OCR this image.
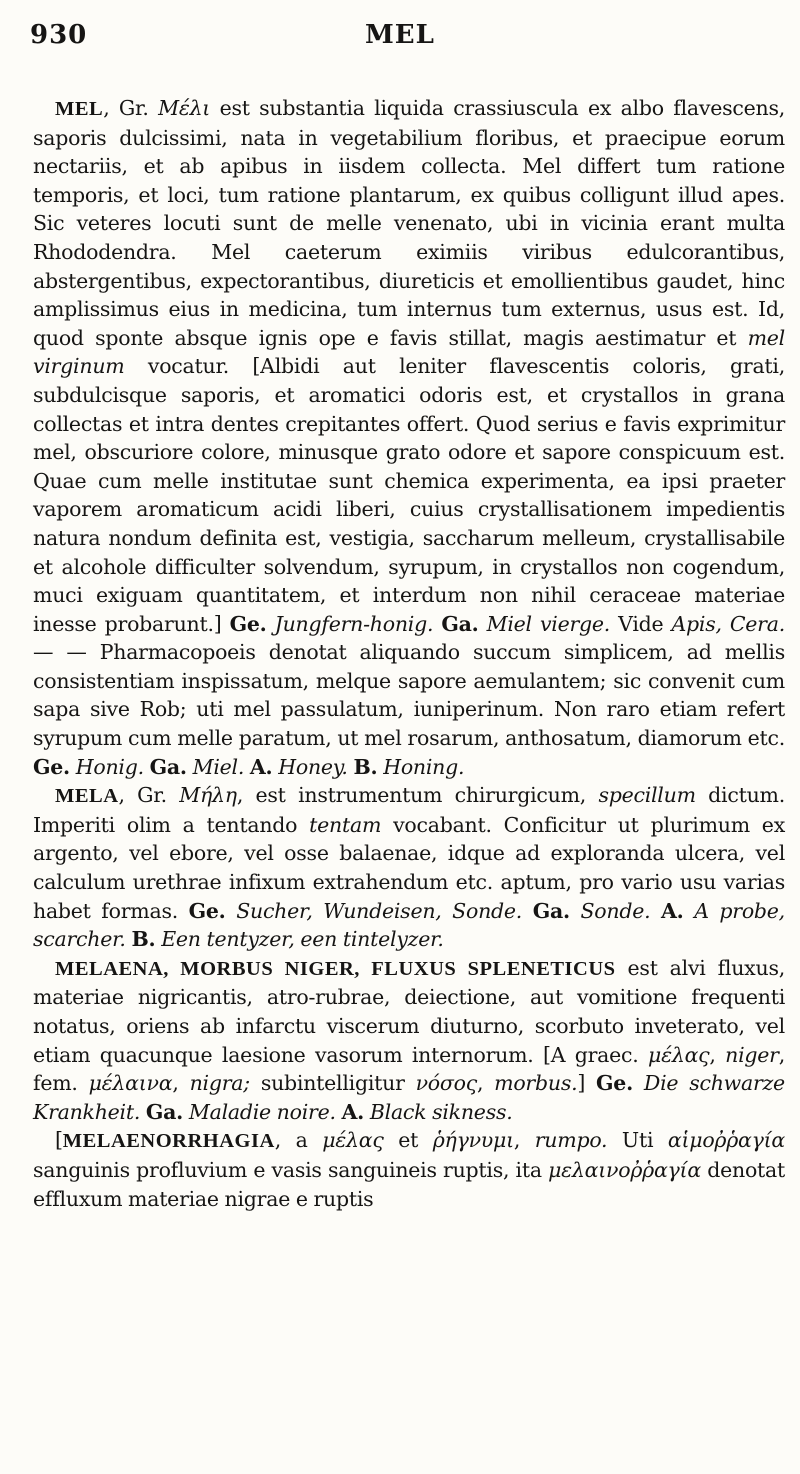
930	MEL

MEL, Gr. Μέλι est substantia liquida crassiuscula ex albo flavescens, saporis dulcissimi, nata in vegetabilium floribus, et praecipue eorum nectariis, et ab apibus in iisdem collecta. Mel differt tum ratione temporis, et loci, tum ratione plantarum, ex quibus colligunt illud apes. Sic veteres locuti sunt de melle venenato, ubi in vicinia erant multa Rhododendra. Mel caeterum eximiis viribus edulcorantibus, abstergentibus, expectorantibus, diureticis et emollientibus gaudet, hinc amplissimus eius in medicina, tum internus tum externus, usus est. Id, quod sponte absque ignis ope e favis stillat, magis aestimatur et mel virginum vocatur. [Albidi aut leniter flavescentis coloris, grati, subdulcisque saporis, et aromatici odoris est, et crystallos in grana collectas et intra dentes crepitantes offert. Quod serius e favis exprimitur mel, obscuriore colore, minusque grato odore et sapore conspicuum est. Quae cum melle institutae sunt chemica experimenta, ea ipsi praeter vaporem aromaticum acidi liberi, cuius crystallisationem impedientis natura nondum definita est, vestigia, saccharum melleum, crystallisabile et alcohole difficulter solvendum, syrupum, in crystallos non cogendum, muci exiguam quantitatem, et interdum non nihil ceraceae materiae inesse probarunt.] Ge. Jungfern-honig. Ga. Miel vierge. Vide Apis, Cera. — — Pharmacopoeis denotat aliquando succum simplicem, ad mellis consistentiam inspissatum, melque sapore aemulantem; sic convenit cum sapa sive Rob; uti mel passulatum, iuniperinum. Non raro etiam refert syrupum cum melle paratum, ut mel rosarum, anthosatum, diamorum etc. Ge. Honig. Ga. Miel. A. Honey. B. Honing.

MELA, Gr. Μήλη, est instrumentum chirurgicum, specillum dictum. Imperiti olim a tentando tentam vocabant. Conficitur ut plurimum ex argento, vel ebore, vel osse balaenae, idque ad exploranda ulcera, vel calculum urethrae infixum extrahendum etc. aptum, pro vario usu varias habet formas. Ge. Sucher, Wundeisen, Sonde. Ga. Sonde. A. A probe, scarcher. B. Een tentyzer, een tintelyzer.

MELAENA, MORBUS NIGER, FLUXUS SPLENETICUS est alvi fluxus, materiae nigricantis, atro-rubrae, deiectione, aut vomitione frequenti notatus, oriens ab infarctu viscerum diuturno, scorbuto inveterato, vel etiam quacunque laesione vasorum internorum. [A graec. μέλας, niger, fem. μέλαινα, nigra; subintelligitur νόσος, morbus.] Ge. Die schwarze Krankheit. Ga. Maladie noire. A. Black sikness.

[MELAENORRHAGIA, a μέλας et ῥήγνυμι, rumpo. Uti αἱμοῤῥαγία sanguinis profluvium e vasis sanguineis ruptis, ita μελαινοῤῥαγία denotat effluxum materiae nigrae e ruptis
